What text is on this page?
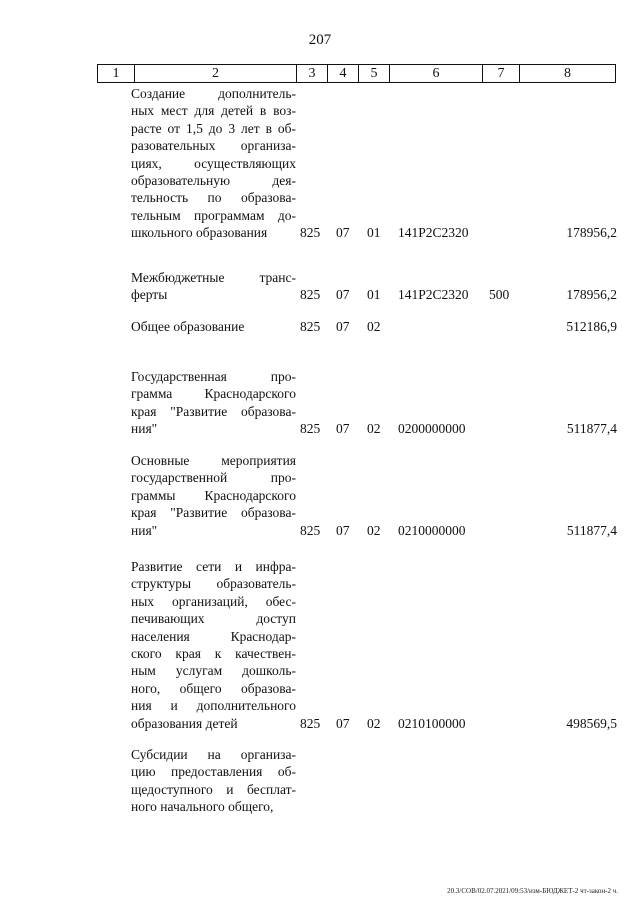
207
1	2	3	4	5	6	7	8
Создание дополнитель-
ных мест для детей в воз-
расте от 1,5 до 3 лет в об-
разовательных организа-
циях, осуществляющих
образовательную дея-
тельность по образова-
тельным программам до-
школьного образования	825 07 01 141P2C2320	178956,2
Межбюджетные транс-
ферты	825 07 01 141P2C2320 500	178956,2
Общее образование	825 07 02	512186,9
Государственная про-
грамма Краснодарского
края "Развитие образова-
ния"	825 07 02 0200000000	511877,4
Основные мероприятия
государственной про-
граммы Краснодарского
края "Развитие образова-
ния"	825 07 02 0210000000	511877,4
Развитие сети и инфра-
структуры образователь-
ных организаций, обес-
печивающих доступ
населения Краснодар-
ского края к качествен-
ным услугам дошколь-
ного, общего образова-
ния и дополнительного
образования детей	825 07 02 0210100000	498569,5
Субсидии на организа-
цию предоставления об-
щедоступного и бесплат-
ного начального общего,
20.3/СОВ/02.07.2021/09:53/изм-БЮДЖЕТ-2 чт-закон-2 ч.
